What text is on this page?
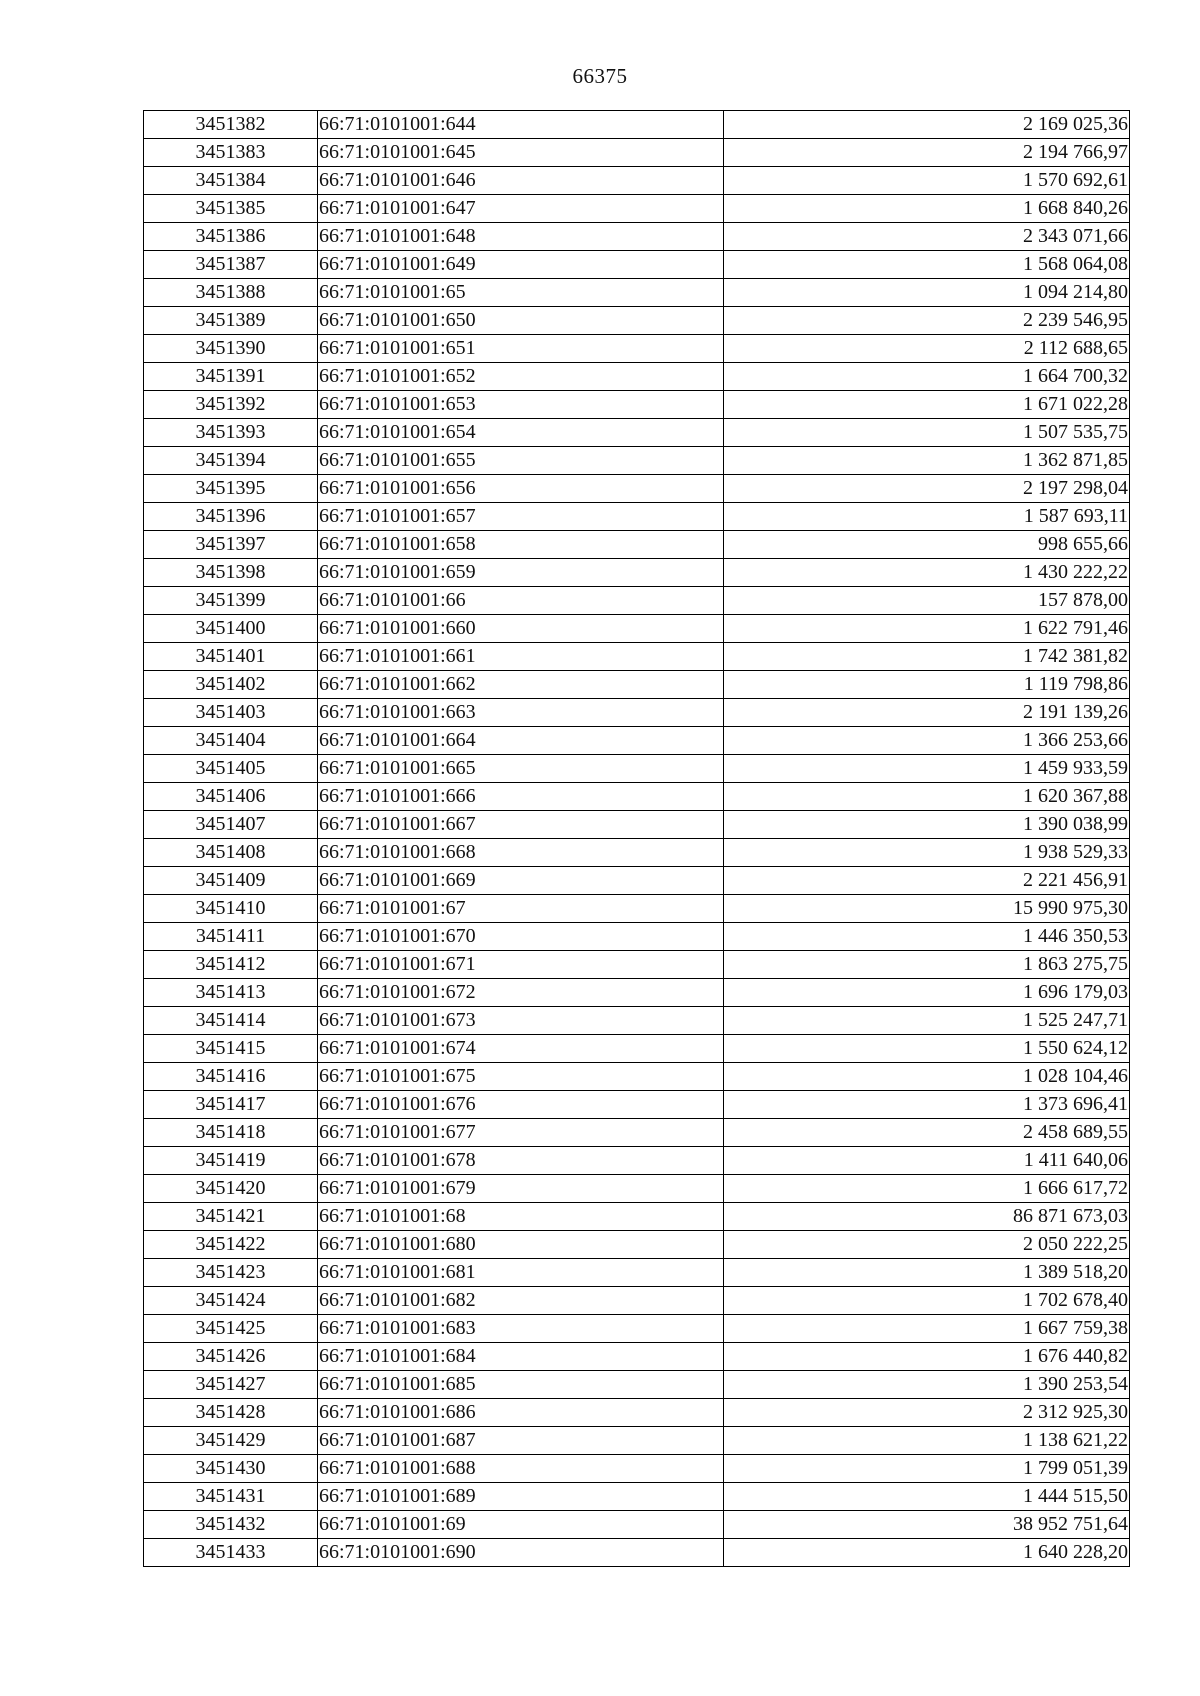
66375
3451382	66:71:0101001:644	2 169 025,36
3451383	66:71:0101001:645	2 194 766,97
3451384	66:71:0101001:646	1 570 692,61
3451385	66:71:0101001:647	1 668 840,26
3451386	66:71:0101001:648	2 343 071,66
3451387	66:71:0101001:649	1 568 064,08
3451388	66:71:0101001:65	1 094 214,80
3451389	66:71:0101001:650	2 239 546,95
3451390	66:71:0101001:651	2 112 688,65
3451391	66:71:0101001:652	1 664 700,32
3451392	66:71:0101001:653	1 671 022,28
3451393	66:71:0101001:654	1 507 535,75
3451394	66:71:0101001:655	1 362 871,85
3451395	66:71:0101001:656	2 197 298,04
3451396	66:71:0101001:657	1 587 693,11
3451397	66:71:0101001:658	998 655,66
3451398	66:71:0101001:659	1 430 222,22
3451399	66:71:0101001:66	157 878,00
3451400	66:71:0101001:660	1 622 791,46
3451401	66:71:0101001:661	1 742 381,82
3451402	66:71:0101001:662	1 119 798,86
3451403	66:71:0101001:663	2 191 139,26
3451404	66:71:0101001:664	1 366 253,66
3451405	66:71:0101001:665	1 459 933,59
3451406	66:71:0101001:666	1 620 367,88
3451407	66:71:0101001:667	1 390 038,99
3451408	66:71:0101001:668	1 938 529,33
3451409	66:71:0101001:669	2 221 456,91
3451410	66:71:0101001:67	15 990 975,30
3451411	66:71:0101001:670	1 446 350,53
3451412	66:71:0101001:671	1 863 275,75
3451413	66:71:0101001:672	1 696 179,03
3451414	66:71:0101001:673	1 525 247,71
3451415	66:71:0101001:674	1 550 624,12
3451416	66:71:0101001:675	1 028 104,46
3451417	66:71:0101001:676	1 373 696,41
3451418	66:71:0101001:677	2 458 689,55
3451419	66:71:0101001:678	1 411 640,06
3451420	66:71:0101001:679	1 666 617,72
3451421	66:71:0101001:68	86 871 673,03
3451422	66:71:0101001:680	2 050 222,25
3451423	66:71:0101001:681	1 389 518,20
3451424	66:71:0101001:682	1 702 678,40
3451425	66:71:0101001:683	1 667 759,38
3451426	66:71:0101001:684	1 676 440,82
3451427	66:71:0101001:685	1 390 253,54
3451428	66:71:0101001:686	2 312 925,30
3451429	66:71:0101001:687	1 138 621,22
3451430	66:71:0101001:688	1 799 051,39
3451431	66:71:0101001:689	1 444 515,50
3451432	66:71:0101001:69	38 952 751,64
3451433	66:71:0101001:690	1 640 228,20
